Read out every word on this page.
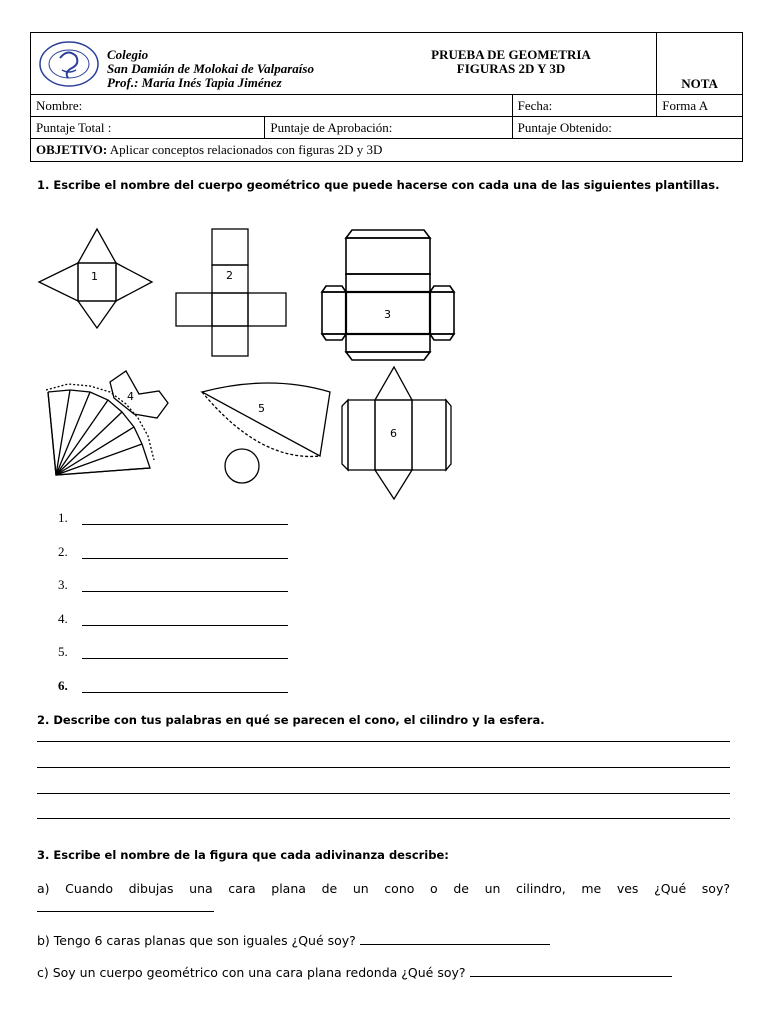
Colegio
San Damián de Molokai de Valparaíso
Prof.: María Inés Tapia Jiménez
PRUEBA DE GEOMETRIA
FIGURAS 2D Y 3D
NOTA
Nombre:	Fecha:	Forma A
Puntaje Total :	Puntaje de Aprobación:	Puntaje Obtenido:
OBJETIVO: Aplicar conceptos relacionados con figuras 2D y 3D
1. Escribe el nombre del cuerpo geométrico que puede hacerse con cada una de las siguientes plantillas.
1	2
3
4
5
6
1.
2.
3.
4.
5.
6.
2. Describe con tus palabras en qué se parecen el cono, el cilindro y la esfera.
3. Escribe el nombre de la figura que cada adivinanza describe:
a) Cuando dibujas una cara plana de un cono o de un cilindro, me ves ¿Qué soy?
b) Tengo 6 caras planas que son iguales ¿Qué soy?
c) Soy un cuerpo geométrico con una cara plana redonda ¿Qué soy?
